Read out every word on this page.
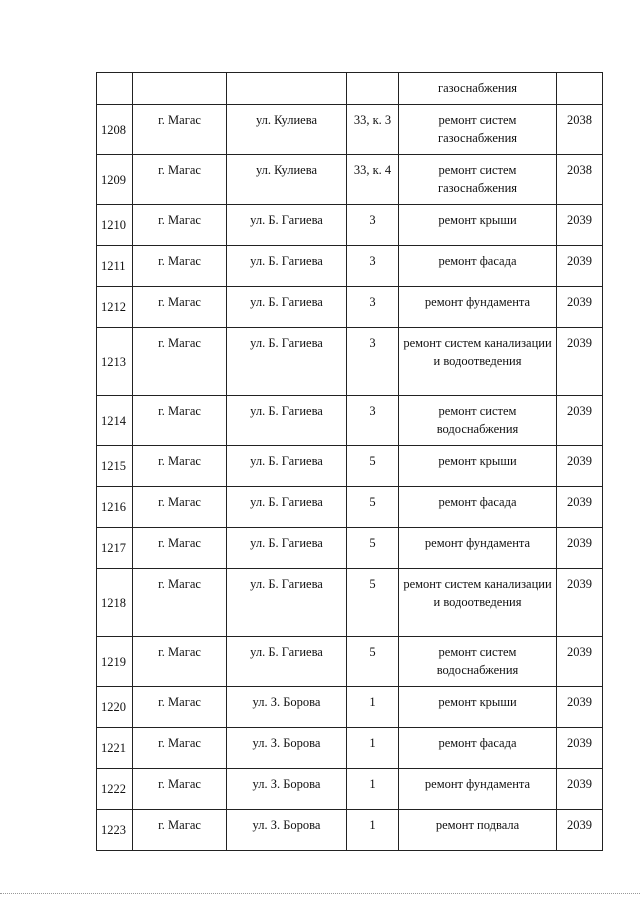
				газоснабжения	
1208	г. Магас	ул. Кулиева	33, к. 3	ремонт систем газоснабжения	2038
1209	г. Магас	ул. Кулиева	33, к. 4	ремонт систем газоснабжения	2038
1210	г. Магас	ул. Б. Гагиева	3	ремонт крыши	2039
1211	г. Магас	ул. Б. Гагиева	3	ремонт фасада	2039
1212	г. Магас	ул. Б. Гагиева	3	ремонт фундамента	2039
1213	г. Магас	ул. Б. Гагиева	3	ремонт систем канализации и водоотведения	2039
1214	г. Магас	ул. Б. Гагиева	3	ремонт систем водоснабжения	2039
1215	г. Магас	ул. Б. Гагиева	5	ремонт крыши	2039
1216	г. Магас	ул. Б. Гагиева	5	ремонт фасада	2039
1217	г. Магас	ул. Б. Гагиева	5	ремонт фундамента	2039
1218	г. Магас	ул. Б. Гагиева	5	ремонт систем канализации и водоотведения	2039
1219	г. Магас	ул. Б. Гагиева	5	ремонт систем водоснабжения	2039
1220	г. Магас	ул. З. Борова	1	ремонт крыши	2039
1221	г. Магас	ул. З. Борова	1	ремонт фасада	2039
1222	г. Магас	ул. З. Борова	1	ремонт фундамента	2039
1223	г. Магас	ул. З. Борова	1	ремонт подвала	2039
